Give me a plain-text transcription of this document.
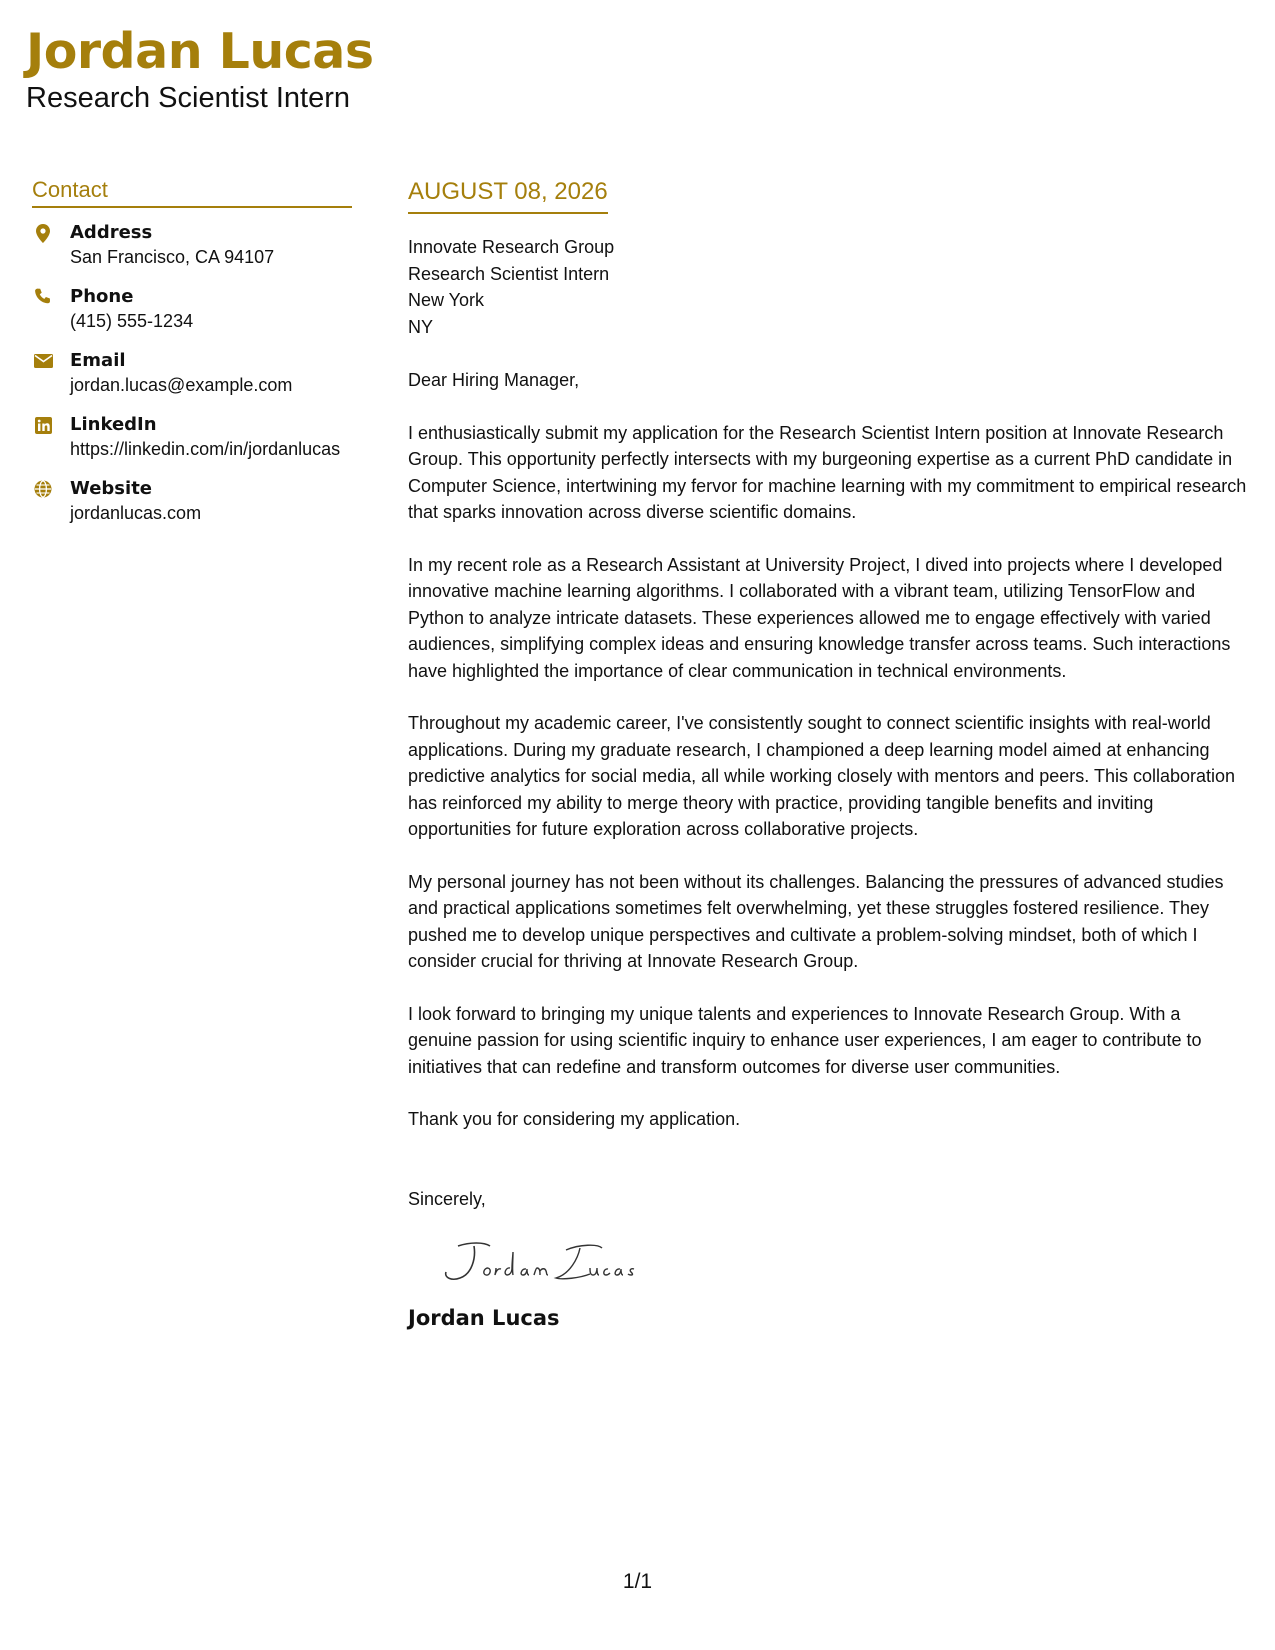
Jordan Lucas
Research Scientist Intern
Contact
Address
San Francisco, CA 94107
Phone
(415) 555-1234
Email
jordan.lucas@example.com
LinkedIn
https://linkedin.com/in/jordanlucas
Website
jordanlucas.com
AUGUST 08, 2026
Innovate Research Group
Research Scientist Intern
New York
NY
Dear Hiring Manager,
I enthusiastically submit my application for the Research Scientist Intern position at Innovate Research Group. This opportunity perfectly intersects with my burgeoning expertise as a current PhD candidate in Computer Science, intertwining my fervor for machine learning with my commitment to empirical research that sparks innovation across diverse scientific domains.
In my recent role as a Research Assistant at University Project, I dived into projects where I developed innovative machine learning algorithms. I collaborated with a vibrant team, utilizing TensorFlow and Python to analyze intricate datasets. These experiences allowed me to engage effectively with varied audiences, simplifying complex ideas and ensuring knowledge transfer across teams. Such interactions have highlighted the importance of clear communication in technical environments.
Throughout my academic career, I've consistently sought to connect scientific insights with real-world applications. During my graduate research, I championed a deep learning model aimed at enhancing predictive analytics for social media, all while working closely with mentors and peers. This collaboration has reinforced my ability to merge theory with practice, providing tangible benefits and inviting opportunities for future exploration across collaborative projects.
My personal journey has not been without its challenges. Balancing the pressures of advanced studies and practical applications sometimes felt overwhelming, yet these struggles fostered resilience. They pushed me to develop unique perspectives and cultivate a problem-solving mindset, both of which I consider crucial for thriving at Innovate Research Group.
I look forward to bringing my unique talents and experiences to Innovate Research Group. With a genuine passion for using scientific inquiry to enhance user experiences, I am eager to contribute to initiatives that can redefine and transform outcomes for diverse user communities.
Thank you for considering my application.
Sincerely,
Jordan Lucas
1/1
